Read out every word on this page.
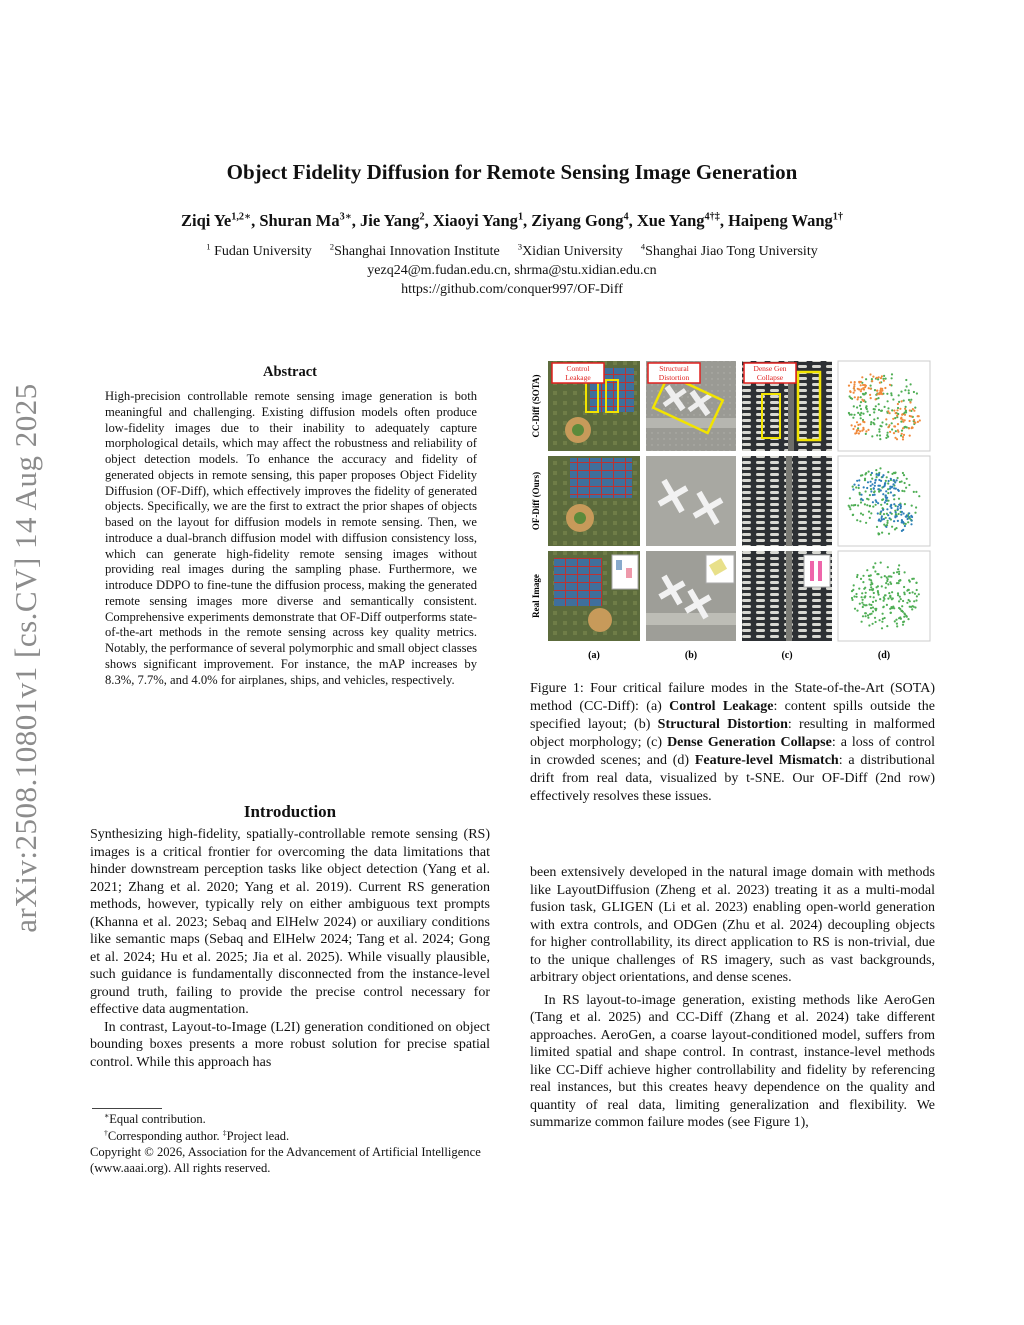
arXiv:2508.10801v1 [cs.CV] 14 Aug 2025
Object Fidelity Diffusion for Remote Sensing Image Generation
Ziqi $Ye^{1,2∗}$, Shuran $Ma^{3∗}$, Jie Yang$^2$, Xiaoyi Yang$^1$, Ziyang Gong$^4$, Xue Yang$^{4\dagger\ddagger}$, Haipeng Wang$^{1\dagger}$
$^1$ Fudan University $^2$Shanghai Innovation Institute $^3$Xidian University $^4$Shanghai Jiao Tong University
yezq24@m.fudan.edu.cn, shrma@stu.xidian.edu.cn
https://github.com/conquer997/OF-Diff
Abstract
High-precision controllable remote sensing image generation is both meaningful and challenging. Existing diffusion models often produce low-fidelity images due to their inability to adequately capture morphological details, which may affect the robustness and reliability of object detection models. To enhance the accuracy and fidelity of generated objects in remote sensing, this paper proposes Object Fidelity Diffusion (OF-Diff), which effectively improves the fidelity of generated objects. Specifically, we are the first to extract the prior shapes of objects based on the layout for diffusion models in remote sensing. Then, we introduce a dual-branch diffusion model with diffusion consistency loss, which can generate high-fidelity remote sensing images without providing real images during the sampling phase. Furthermore, we introduce DDPO to fine-tune the diffusion process, making the generated remote sensing images more diverse and semantically consistent. Comprehensive experiments demonstrate that OF-Diff outperforms state-of-the-art methods in the remote sensing across key quality metrics. Notably, the performance of several polymorphic and small object classes shows significant improvement. For instance, the mAP increases by 8.3%, 7.7%, and 4.0% for airplanes, ships, and vehicles, respectively.
Introduction

Synthesizing high-fidelity, spatially-controllable remote sensing (RS) images is a critical frontier for overcoming the data limitations that hinder downstream perception tasks like object detection (Yang et al. 2021; Zhang et al. 2020; Yang et al. 2019). Current RS generation methods, however, typically rely on either ambiguous text prompts (Khanna et al. 2023; Sebaq and ElHelw 2024) or auxiliary conditions like semantic maps (Sebaq and ElHelw 2024; Tang et al. 2024; Gong et al. 2024; Hu et al. 2025; Jia et al. 2025). While visually plausible, such guidance is fundamentally disconnected from the instance-level ground truth, failing to provide the precise control necessary for effective data augmentation.

In contrast, Layout-to-Image (L2I) generation conditioned on object bounding boxes presents a more robust solution for precise spatial control. While this approach has

∗Equal contribution.
†Corresponding author. ‡Project lead.
Copyright © 2026, Association for the Advancement of Artificial Intelligence (www.aaai.org). All rights reserved.
CC-Diff (SOTA)
OF-Diff (Ours)
Real Image
Control
Leakage
Structural
Distortion
Dense Gen
Collapse
(a)	(b)	(c)	(d)
Figure 1: Four critical failure modes in the State-of-the-Art (SOTA) method (CC-Diff): (a) Control Leakage: content spills outside the specified layout; (b) Structural Distortion: resulting in malformed object morphology; (c) Dense Generation Collapse: a loss of control in crowded scenes; and (d) Feature-level Mismatch: a distributional drift from real data, visualized by t-SNE. Our OF-Diff (2nd row) effectively resolves these issues.

been extensively developed in the natural image domain with methods like LayoutDiffusion (Zheng et al. 2023) treating it as a multi-modal fusion task, GLIGEN (Li et al. 2023) enabling open-world generation with extra controls, and ODGen (Zhu et al. 2024) decoupling objects for higher controllability, its direct application to RS is non-trivial, due to the unique challenges of RS imagery, such as vast backgrounds, arbitrary object orientations, and dense scenes.

In RS layout-to-image generation, existing methods like AeroGen (Tang et al. 2025) and CC-Diff (Zhang et al. 2024) take different approaches. AeroGen, a coarse layout-conditioned model, suffers from limited spatial and shape control. In contrast, instance-level methods like CC-Diff achieve higher controllability and fidelity by referencing real instances, but this creates heavy dependence on the quality and quantity of real data, limiting generalization and flexibility. We summarize common failure modes (see Figure 1),
